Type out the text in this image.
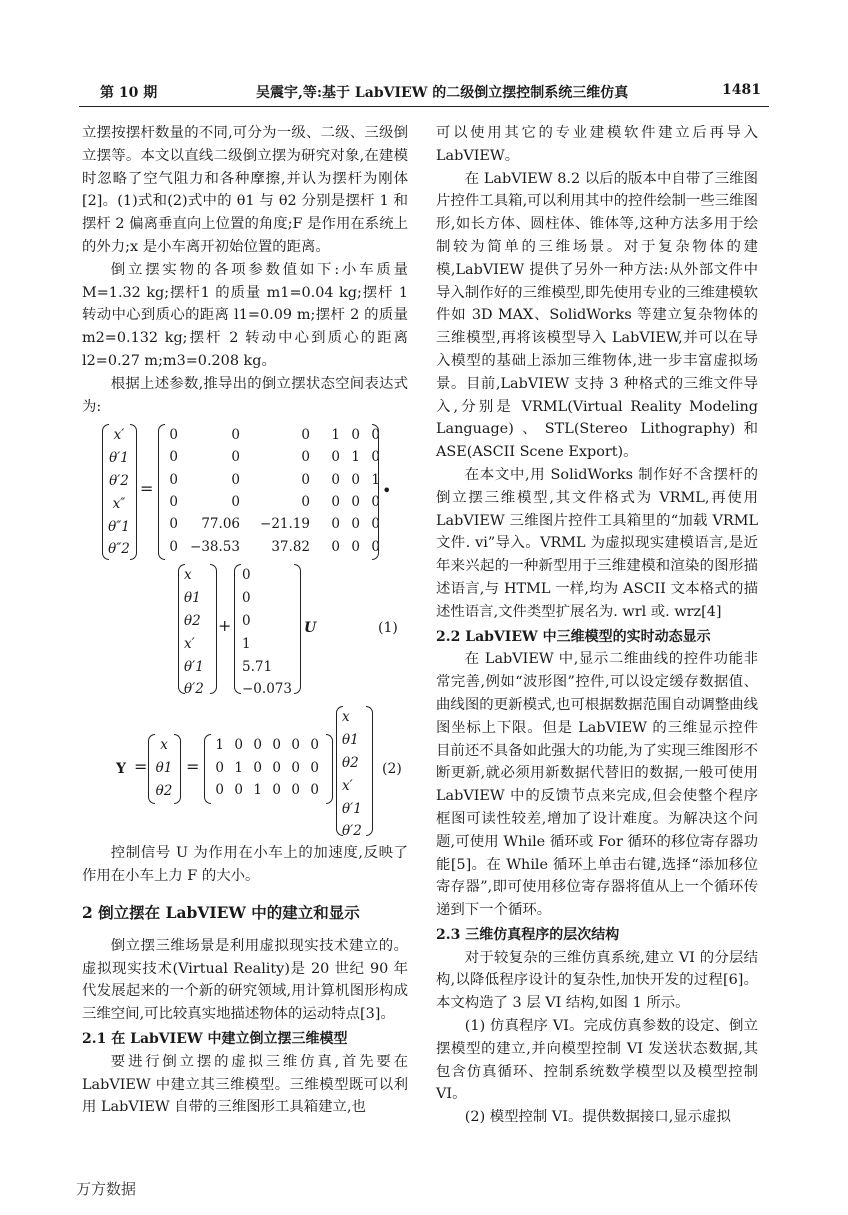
第 10 期	吴震宇,等:基于 LabVIEW 的二级倒立摆控制系统三维仿真	1481

立摆按摆杆数量的不同,可分为一级、二级、三级倒立摆等。本文以直线二级倒立摆为研究对象,在建模时忽略了空气阻力和各种摩擦,并认为摆杆为刚体[2]。(1)式和(2)式中的 θ1 与 θ2 分别是摆杆 1 和摆杆 2 偏离垂直向上位置的角度;F 是作用在系统上的外力;x 是小车离开初始位置的距离。

倒立摆实物的各项参数值如下:小车质量 M=1.32 kg;摆杆1 的质量 m1=0.04 kg;摆杆 1 转动中心到质心的距离 l1=0.09 m;摆杆 2 的质量 m2=0.132 kg;摆杆 2 转动中心到质心的距离 l2=0.27 m;m3=0.208 kg。

根据上述参数,推导出的倒立摆状态空间表达式为:

x′
θ′1
θ′2
x″
θ″1
θ″2
=
0	0	0 1 0 0
0	0	0 0 1 0
0	0	0 0 0 1
0	0	0 0 0 0
0 77.06 −21.19 0 0 0
0 −38.53 37.82 0 0 0
•
x
θ1
θ2
x′
θ′1
θ′2
+
0
0
0
1
5.71
−0.073
U	(1)
Y =
x
θ1
θ2
=
1 0 0 0 0 0
0 1 0 0 0 0
0 0 1 0 0 0
x
θ1
θ2
x′
θ′1
θ′2
(2)

控制信号 U 为作用在小车上的加速度,反映了作用在小车上力 F 的大小。

2 倒立摆在 LabVIEW 中的建立和显示

倒立摆三维场景是利用虚拟现实技术建立的。虚拟现实技术(Virtual Reality)是 20 世纪 90 年代发展起来的一个新的研究领域,用计算机图形构成三维空间,可比较真实地描述物体的运动特点[3]。

2.1 在 LabVIEW 中建立倒立摆三维模型

要进行倒立摆的虚拟三维仿真,首先要在 LabVIEW 中建立其三维模型。三维模型既可以利用 LabVIEW 自带的三维图形工具箱建立,也

可以使用其它的专业建模软件建立后再导入 LabVIEW。

在 LabVIEW 8.2 以后的版本中自带了三维图片控件工具箱,可以利用其中的控件绘制一些三维图形,如长方体、圆柱体、锥体等,这种方法多用于绘制较为简单的三维场景。对于复杂物体的建模,LabVIEW 提供了另外一种方法:从外部文件中导入制作好的三维模型,即先使用专业的三维建模软件如 3D MAX、SolidWorks 等建立复杂物体的三维模型,再将该模型导入 LabVIEW,并可以在导入模型的基础上添加三维物体,进一步丰富虚拟场景。目前,LabVIEW 支持 3 种格式的三维文件导入,分别是 VRML(Virtual Reality Modeling Language)、STL(Stereo Lithography)和 ASE(ASCII Scene Export)。

在本文中,用 SolidWorks 制作好不含摆杆的倒立摆三维模型,其文件格式为 VRML,再使用 LabVIEW 三维图片控件工具箱里的“加载 VRML 文件. vi”导入。VRML 为虚拟现实建模语言,是近年来兴起的一种新型用于三维建模和渲染的图形描述语言,与 HTML 一样,均为 ASCII 文本格式的描述性语言,文件类型扩展名为. wrl 或. wrz[4]

2.2 LabVIEW 中三维模型的实时动态显示

在 LabVIEW 中,显示二维曲线的控件功能非常完善,例如“波形图”控件,可以设定缓存数据值、曲线图的更新模式,也可根据数据范围自动调整曲线图坐标上下限。但是 LabVIEW 的三维显示控件目前还不具备如此强大的功能,为了实现三维图形不断更新,就必须用新数据代替旧的数据,一般可使用 LabVIEW 中的反馈节点来完成,但会使整个程序框图可读性较差,增加了设计难度。为解决这个问题,可使用 While 循环或 For 循环的移位寄存器功能[5]。在 While 循环上单击右键,选择“添加移位寄存器”,即可使用移位寄存器将值从上一个循环传递到下一个循环。

2.3 三维仿真程序的层次结构

对于较复杂的三维仿真系统,建立 VI 的分层结构,以降低程序设计的复杂性,加快开发的过程[6]。本文构造了 3 层 VI 结构,如图 1 所示。

(1) 仿真程序 VI。完成仿真参数的设定、倒立摆模型的建立,并向模型控制 VI 发送状态数据,其包含仿真循环、控制系统数学模型以及模型控制 VI。

(2) 模型控制 VI。提供数据接口,显示虚拟

万方数据
